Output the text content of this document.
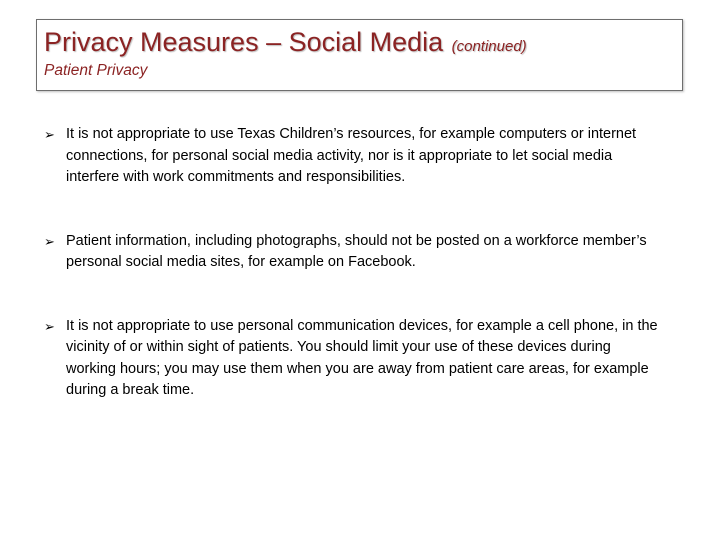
Privacy Measures – Social Media (continued)
Patient Privacy
➢ It is not appropriate to use Texas Children’s resources, for example computers or internet connections, for personal social media activity, nor is it appropriate to let social media interfere with work commitments and responsibilities.
➢ Patient information, including photographs, should not be posted on a workforce member’s personal social media sites, for example on Facebook.
➢ It is not appropriate to use personal communication devices, for example a cell phone, in the vicinity of or within sight of patients. You should limit your use of these devices during working hours; you may use them when you are away from patient care areas, for example during a break time.
